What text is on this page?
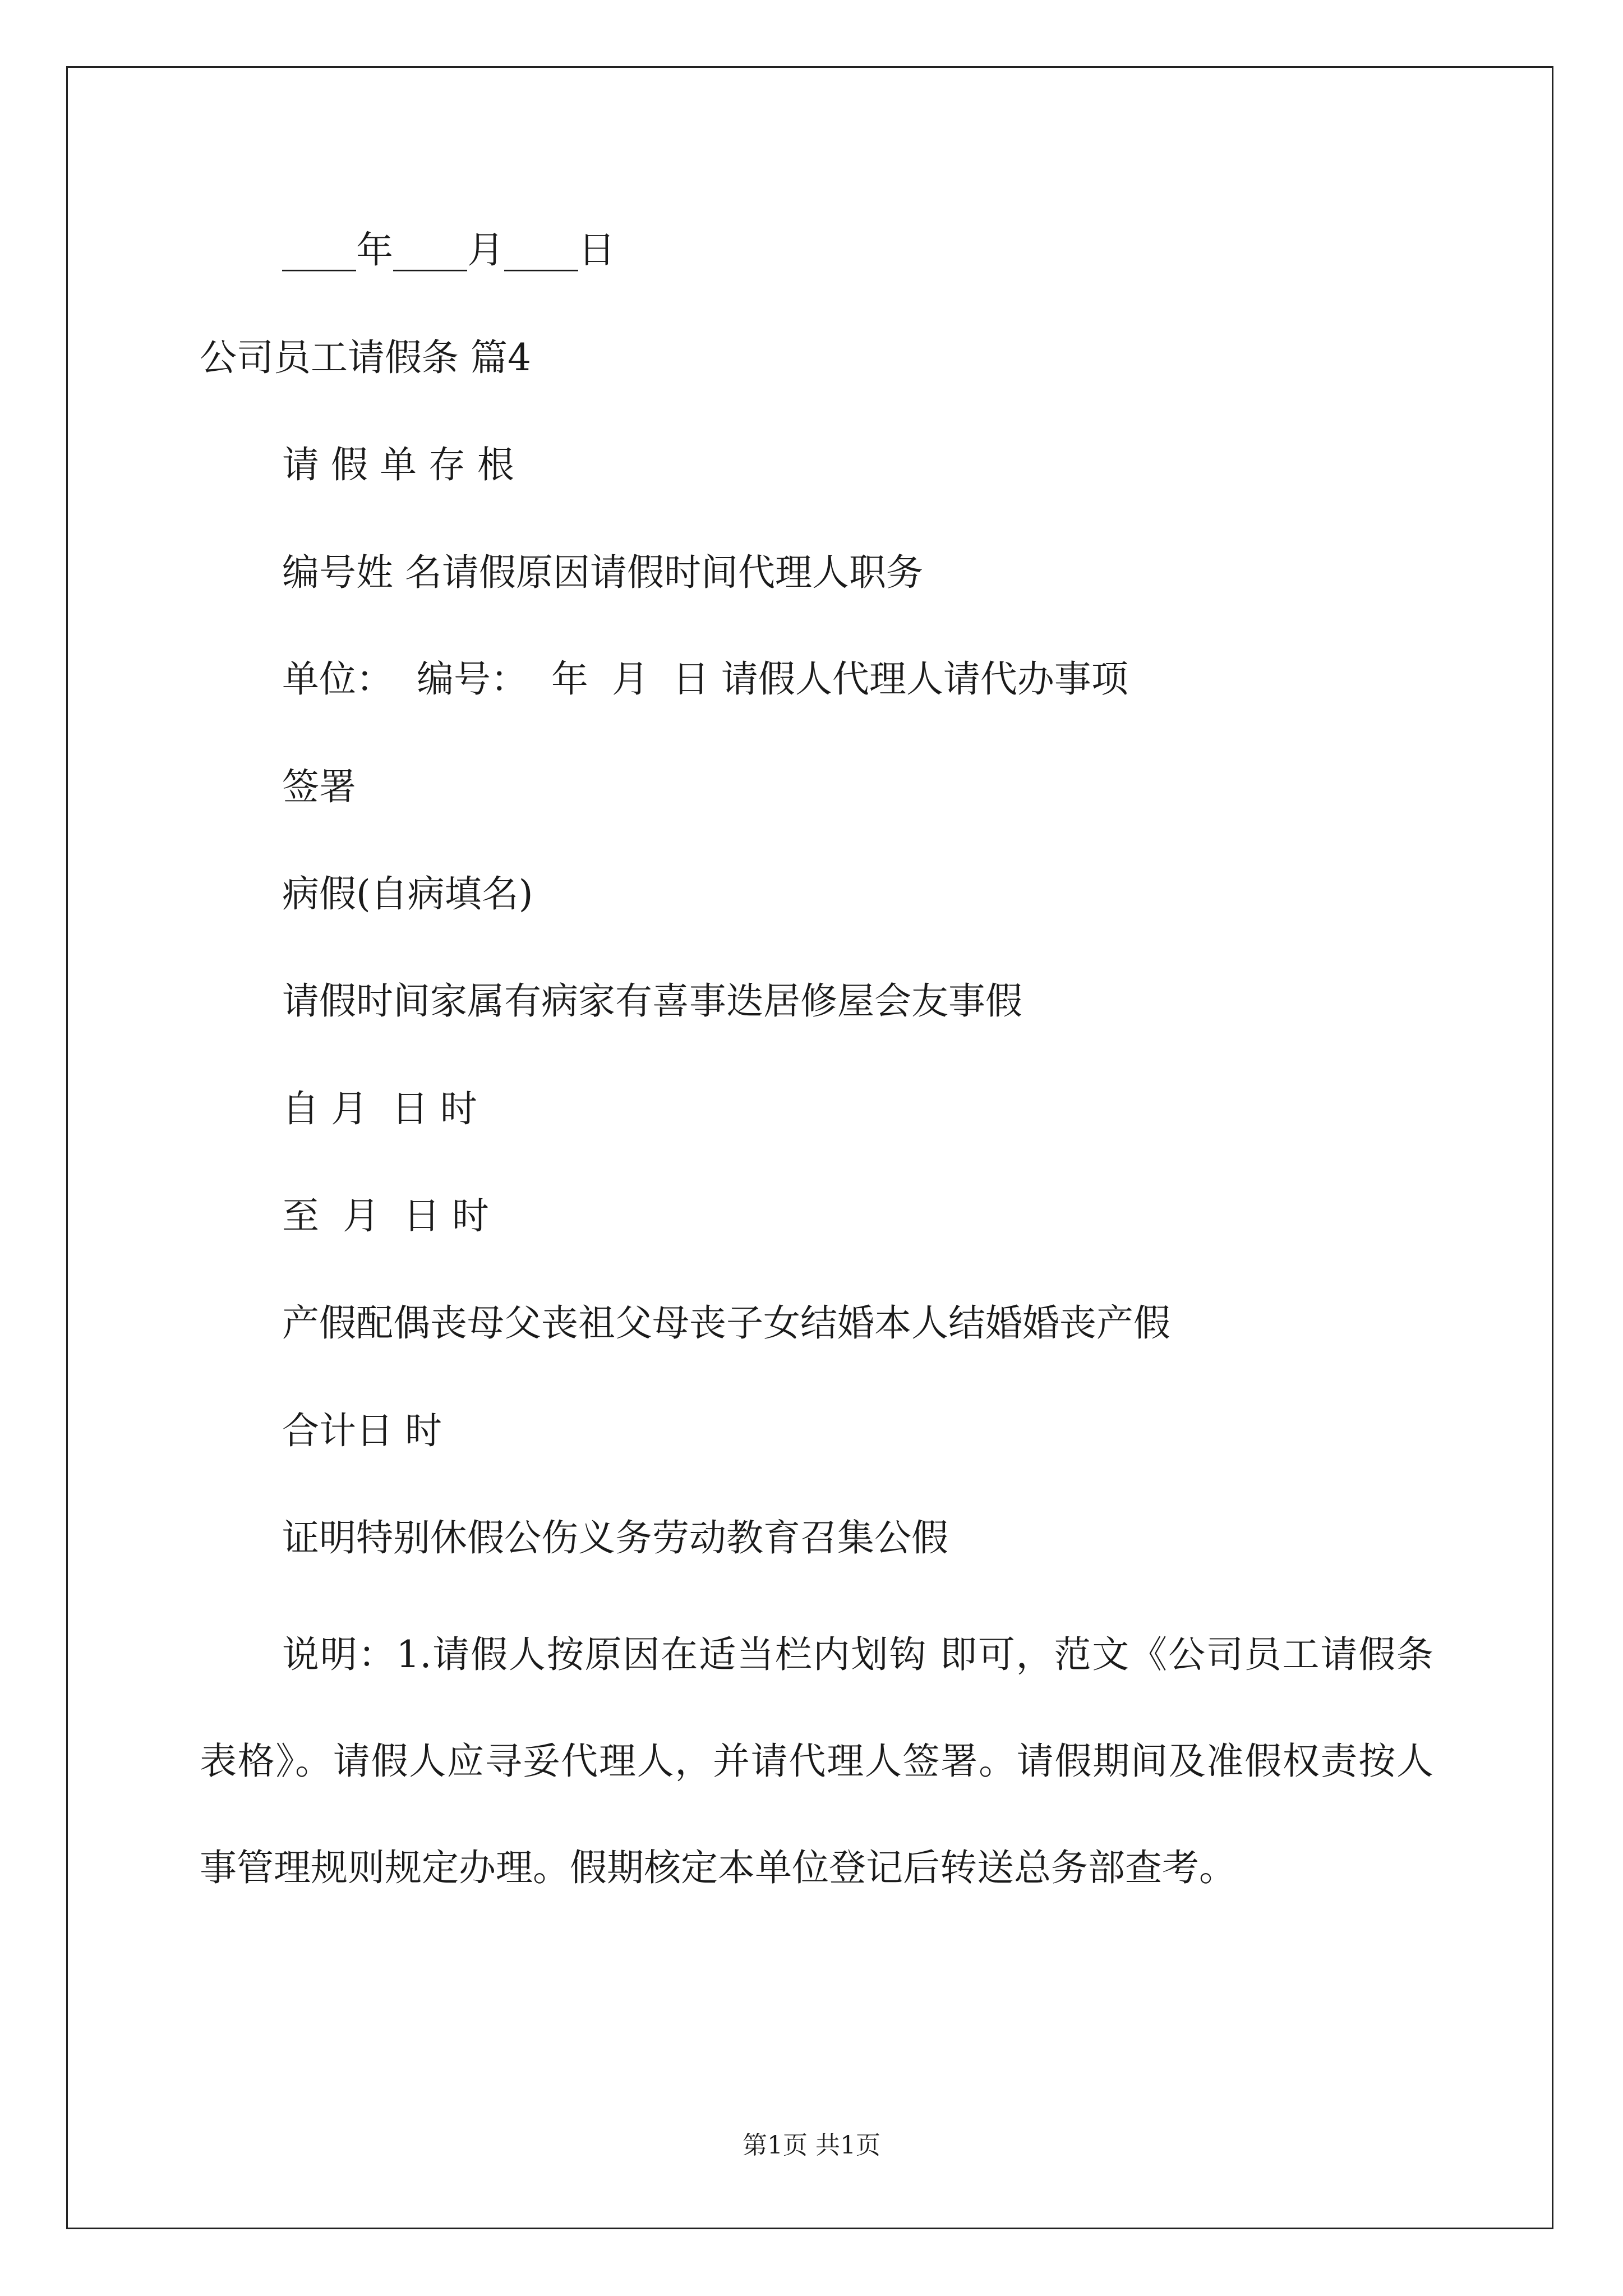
____年____月____日
公司员工请假条 篇4
请 假 单 存 根
编号姓 名请假原因请假时间代理人职务
单位：  编号：  年  月  日 请假人代理人请代办事项
签署
病假(自病填名)
请假时间家属有病家有喜事迭居修屋会友事假
自 月  日 时
至  月  日 时
产假配偶丧母父丧祖父母丧子女结婚本人结婚婚丧产假
合计日 时
证明特别休假公伤义务劳动教育召集公假
说明：1.请假人按原因在适当栏内划钩 即可，范文《公司员工请假条表格》。请假人应寻妥代理人，并请代理人签署。请假期间及准假权责按人事管理规则规定办理。假期核定本单位登记后转送总务部查考。
第1页 共1页
